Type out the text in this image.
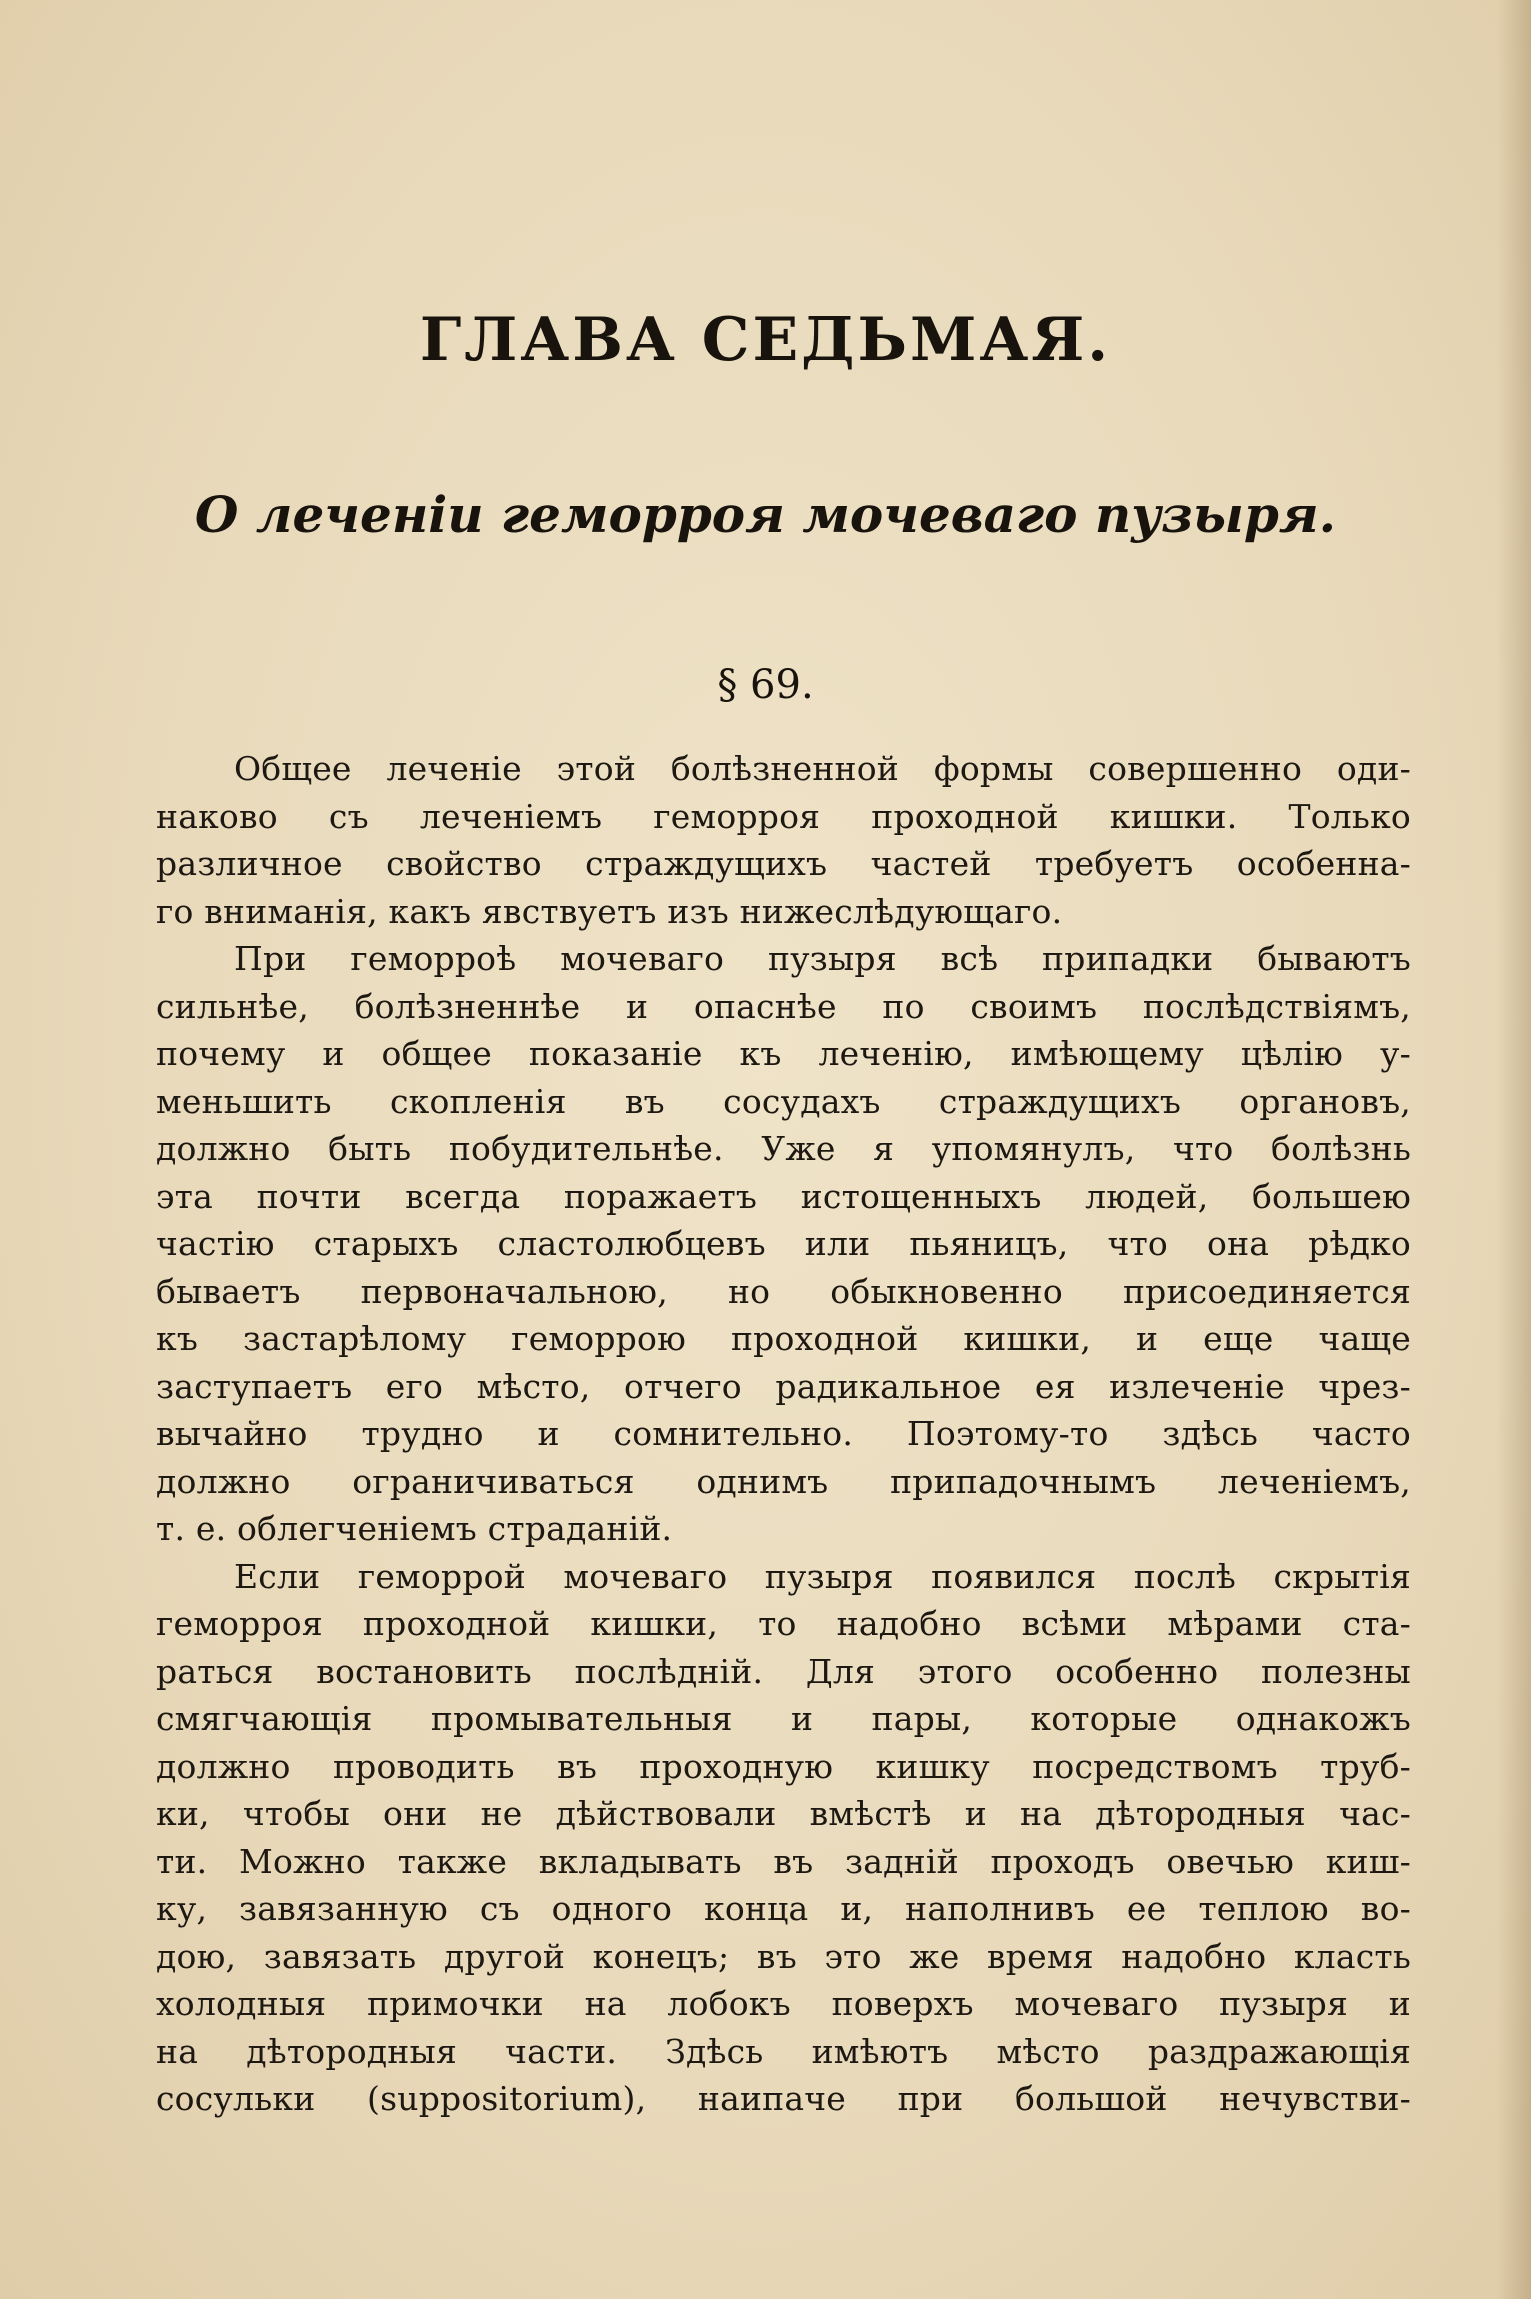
ГЛАВА СЕДЬМАЯ.
О леченіи геморроя мочеваго пузыря.
§ 69.
Общее леченіе этой болѣзненной формы совершенно оди-
наково съ леченіемъ геморроя проходной кишки. Только
различное свойство страждущихъ частей требуетъ особенна-
го вниманія, какъ явствуетъ изъ нижеслѣдующаго.
При геморроѣ мочеваго пузыря всѣ припадки бываютъ
сильнѣе, болѣзненнѣе и опаснѣе по своимъ послѣдствіямъ,
почему и общее показаніе къ леченію, имѣющему цѣлію у-
меньшить скопленія въ сосудахъ страждущихъ органовъ,
должно быть побудительнѣе. Уже я упомянулъ, что болѣзнь
эта почти всегда поражаетъ истощенныхъ людей, большею
частію старыхъ сластолюбцевъ или пьяницъ, что она рѣдко
бываетъ первоначальною, но обыкновенно присоединяется
къ застарѣлому геморрою проходной кишки, и еще чаще
заступаетъ его мѣсто, отчего радикальное ея излеченіе чрез-
вычайно трудно и сомнительно. Поэтому-то здѣсь часто
должно ограничиваться однимъ припадочнымъ леченіемъ,
т. е. облегченіемъ страданій.
Если геморрой мочеваго пузыря появился послѣ скрытія
геморроя проходной кишки, то надобно всѣми мѣрами ста-
раться востановить послѣдній. Для этого особенно полезны
смягчающія промывательныя и пары, которые однакожъ
должно проводить въ проходную кишку посредствомъ труб-
ки, чтобы они не дѣйствовали вмѣстѣ и на дѣтородныя час-
ти. Можно также вкладывать въ задній проходъ овечью киш-
ку, завязанную съ одного конца и, наполнивъ ее теплою во-
дою, завязать другой конецъ; въ это же время надобно класть
холодныя примочки на лобокъ поверхъ мочеваго пузыря и
на дѣтородныя части. Здѣсь имѣютъ мѣсто раздражающія
сосульки (suppositorium), наипаче при большой нечувстви-
